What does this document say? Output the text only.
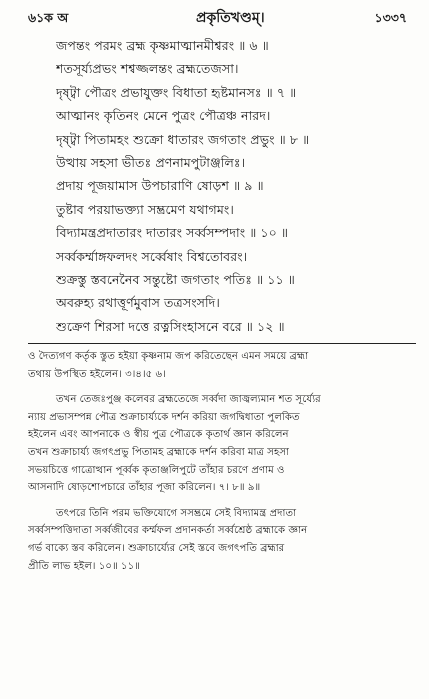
৬১ক অ	প্রকৃতিখণ্ডম্।	১৩৩৭
জপন্তং পরমং ব্রহ্ম কৃষ্ণমাত্মানমীশ্বরং ॥ ৬ ॥
শতসূর্য্যপ্রভং শশ্বজ্জলন্তং ব্রহ্মতেজসা।
দৃষ্ট্বা পৌত্রং প্রভাযুক্তং বিধাতা হৃষ্টমানসঃ ॥ ৭ ॥
আত্মানং কৃতিনং মেনে পুত্রং পৌত্রঞ্চ নারদ।
দৃষ্ট্বা পিতামহং শুক্রো ধাতারং জগতাং প্রভুং ॥ ৮ ॥
উত্থায় সহসা ভীতঃ প্রণনামপুটাঞ্জলিঃ।
প্রদায় পূজয়ামাস উপচারাণি ষোড়শ ॥ ৯ ॥
তুষ্টাব পরয়াভক্ত্যা সম্ভ্রমেণ যথাগমং।
বিদ্যামন্ত্রপ্রদাতারং দাতারং সর্ব্বসম্পদাং ॥ ১০ ॥
সর্ব্বকর্ম্মাঙ্গফলদং সর্ব্বেষাং বিশ্বতোবরং।
শুক্রস্তু স্তবনেনৈব সন্তুষ্টো জগতাং পতিঃ ॥ ১১ ॥
অবরুহ্য রথাত্তূর্ণমুবাস তত্রসংসদি।
শুক্রেণ শিরসা দত্তে রত্নসিংহাসনে বরে ॥ ১২ ॥
ও দৈত্যগণ কর্তৃক স্তুত হইয়া কৃষ্ণনাম জপ করিতেছেন এমন সময়ে ব্রহ্মা
তথায় উপস্থিত হইলেন। ৩।৪।৫ ৬।
তখন তেজঃপুঞ্জ কলেবর ব্রহ্মতেজে সর্ব্বদা জাজ্বল্যমান শত সূর্য্যের
ন্যায় প্রভাসম্পন্ন পৌত্র শুক্রাচার্য্যকে দর্শন করিয়া জগদ্বিধাতা পুলকিত
হইলেন এবং আপনাকে ও স্বীয় পুত্র পৌত্রকে কৃতার্থ জ্ঞান করিলেন
তখন শুক্রাচার্য্য জগৎপ্রভু পিতামহ ব্রহ্মাকে দর্শন করিবা মাত্র সহসা
সভয়চিত্তে গাত্রোত্থান পূর্ব্বক কৃতাঞ্জলিপুটে তাঁহার চরণে প্রণাম ও
আসনাদি ষোড়শোপচারে তাঁহার পূজা করিলেন। ৭। ৮॥ ৯॥
তৎপরে তিনি পরম ভক্তিযোগে সসম্ভ্রমে সেই বিদ্যামন্ত্র প্রদাতা
সর্ব্বসম্পত্তিদাতা সর্ব্বজীবের কর্ম্মফল প্রদানকর্তা সর্ব্বশ্রেষ্ঠ ব্রহ্মাকে জ্ঞান
গর্ভ বাক্যে স্তব করিলেন। শুক্রাচার্য্যের সেই স্তবে জগৎপতি ব্রহ্মার
প্রীতি লাভ হইল। ১০॥ ১১॥
